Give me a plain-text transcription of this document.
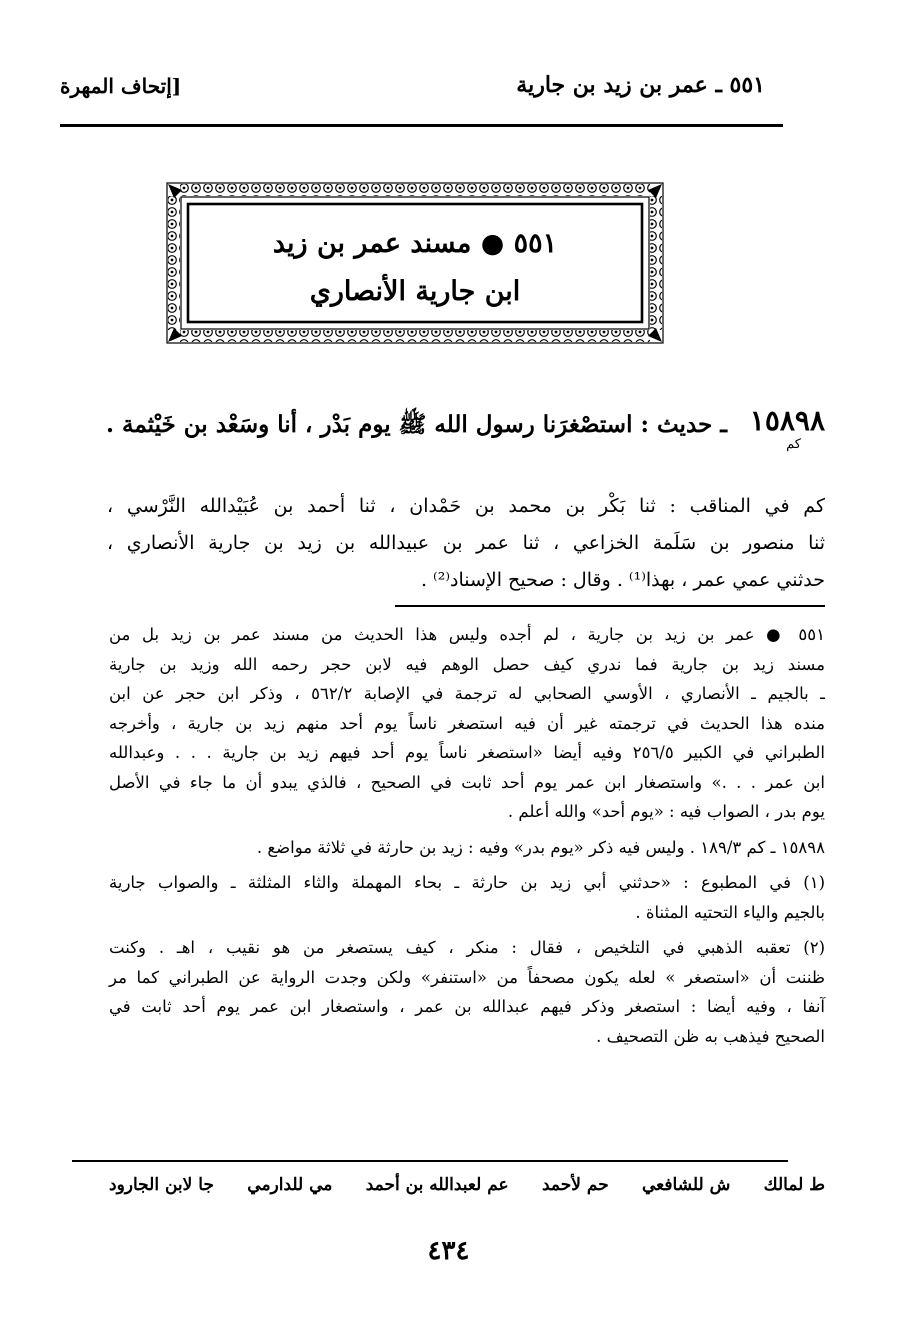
٥٥١ ـ عمر بن زيد بن جارية
[إتحاف المهرة
٥٥١ ● مسند عمر بن زيد
ابن جارية الأنصاري
١٥٨٩٨
كم
ـ حديث : استصْغرَنا رسول الله ﷺ يوم بَدْر ، أنا وسَعْد بن خَيْثمة .
كم في المناقب : ثنا بَكْر بن محمد بن حَمْدان ، ثنا أحمد بن عُبَيْدالله النَّرْسي ،
ثنا منصور بن سَلَمة الخزاعي ، ثنا عمر بن عبيدالله بن زيد بن جارية الأنصاري ،
حدثني عمي عمر ، بهذا⁽¹⁾ . وقال : صحيح الإسناد⁽²⁾ .
٥٥١ ● عمر بن زيد بن جارية ، لم أجده وليس هذا الحديث من مسند عمر بن زيد بل من
مسند زيد بن جارية فما ندري كيف حصل الوهم فيه لابن حجر رحمه الله وزيد بن جارية
ـ بالجيم ـ الأنصاري ، الأوسي الصحابي له ترجمة في الإصابة ٥٦٢/٢ ، وذكر ابن حجر عن ابن
منده هذا الحديث في ترجمته غير أن فيه استصغر ناساً يوم أحد منهم زيد بن جارية ، وأخرجه
الطبراني في الكبير ٢٥٦/٥ وفيه أيضا «استصغر ناساً يوم أحد فيهم زيد بن جارية . . . وعبدالله
ابن عمر . . .» واستصغار ابن عمر يوم أحد ثابت في الصحيح ، فالذي يبدو أن ما جاء في الأصل
يوم بدر ، الصواب فيه : «يوم أحد» والله أعلم .
١٥٨٩٨ ـ كم ١٨٩/٣ . وليس فيه ذكر «يوم بدر» وفيه : زيد بن حارثة في ثلاثة مواضع .
(١) في المطبوع : «حدثني أبي زيد بن حارثة ـ بحاء المهملة والثاء المثلثة ـ والصواب جارية
بالجيم والياء التحتيه المثناة .
(٢) تعقبه الذهبي في التلخيص ، فقال : منكر ، كيف يستصغر من هو نقيب ، اهـ . وكنت
ظننت أن «استصغر » لعله يكون مصحفاً من «استنفر» ولكن وجدت الرواية عن الطبراني كما مر
آنفا ، وفيه أيضا : استصغر وذكر فيهم عبدالله بن عمر ، واستصغار ابن عمر يوم أحد ثابت في
الصحيح فيذهب به ظن التصحيف .
ط لمالك
ش للشافعي
حم لأحمد
عم لعبدالله بن أحمد
مي للدارمي
جا لابن الجارود
٤٣٤
